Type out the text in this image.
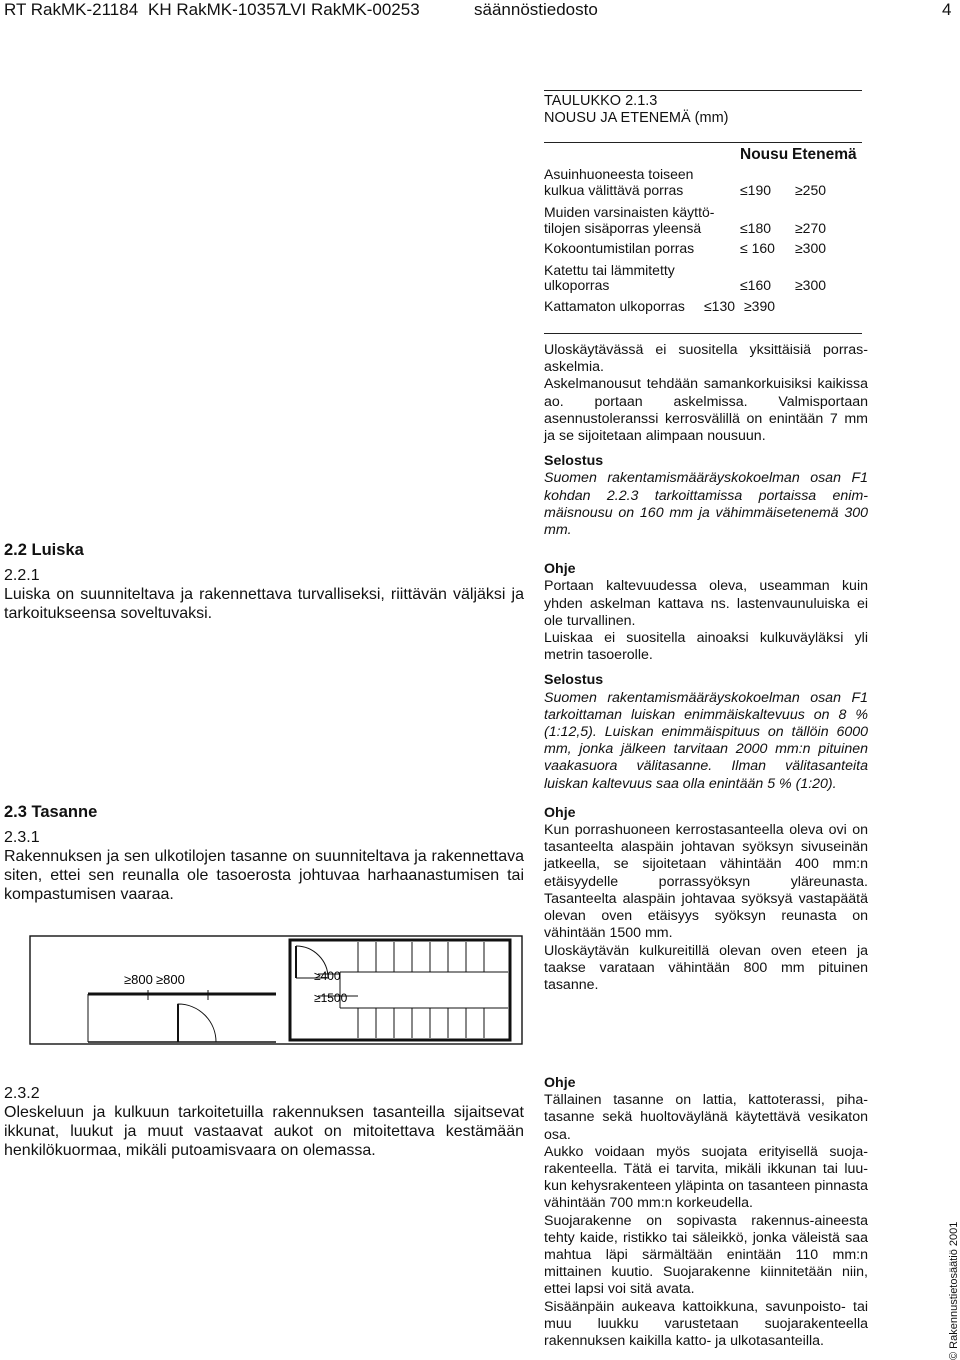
RT RakMK-21184 KH RakMK-10357
LVI RakMK-00253	säännöstiedosto	4
TAULUKKO 2.1.3
NOUSU JA ETENEMÄ (mm)
Nousu Etenemä
Asuinhuoneesta toiseen
kulkua välittävä porras	≤190 ≥250
Muiden varsinaisten käyttö-
tilojen sisäporras yleensä	≤180 ≥270
Kokoontumistilan porras	≤ 160 ≥300
Katettu tai lämmitetty
ulkoporras	≤160 ≥300
Kattamaton ulkoporras ≤130 ≥390

Uloskäytävässä ei suositella yksittäisiä porrasaskelmia.

Askelmanousut tehdään samankorkuisiksi kaikissa ao. portaan askelmissa. Valmisportaan asennustoleranssi kerrosvälillä on enintään 7 mm ja se sijoitetaan alimpaan nousuun.

Selostus

Suomen rakentamismääräyskokoelman osan F1 kohdan 2.2.3 tarkoittamissa portaissa enimmäisnousu on 160 mm ja vähimmäisetenemä 300 mm.

Ohje

Portaan kaltevuudessa oleva, useamman kuin yhden askelman kattava ns. lastenvaunuluiska ei ole turvallinen.

Luiskaa ei suositella ainoaksi kulkuväyläksi yli metrin tasoerolle.

Selostus

Suomen rakentamismääräyskokoelman osan F1 tarkoittaman luiskan enimmäiskaltevuus on 8 % (1:12,5). Luiskan enimmäispituus on tällöin 6000 mm, jonka jälkeen tarvitaan 2000 mm:n pituinen vaakasuora välitasanne. Ilman välitasanteita luiskan kaltevuus saa olla enintään 5 % (1:20).

Ohje

Kun porrashuoneen kerrostasanteella oleva ovi on tasanteelta alaspäin johtavan syöksyn sivuseinän jatkeella, se sijoitetaan vähintään 400 mm:n etäisyydelle porrassyöksyn yläreunasta. Tasanteelta alaspäin johtavaa syöksyä vastapäätä olevan oven etäisyys syöksyn reunasta on vähintään 1500 mm.

Uloskäytävän kulkureitillä olevan oven eteen ja taakse varataan vähintään 800 mm pituinen tasanne.

2.2 Luiska
2.2.1
Luiska on suunniteltava ja rakennettava turvalliseksi, riittävän väljäksi ja tarkoitukseensa soveltuvaksi.
2.3 Tasanne
2.3.1
Rakennuksen ja sen ulkotilojen tasanne on suunniteltava ja rakennettava siten, ettei sen reunalla ole tasoerosta johtuvaa harhaanastumisen tai kompastumisen vaaraa.
≥800 ≥800	≥400
≥1500

Ohje

Tällainen tasanne on lattia, kattoterassi, pihatasanne sekä huoltoväylänä käytettävä vesikaton osa.

Aukko voidaan myös suojata erityisellä suojarakenteella. Tätä ei tarvita, mikäli ikkunan tai luukun kehysrakenteen yläpinta on tasanteen pinnasta vähintään 700 mm:n korkeudella.

Suojarakenne on sopivasta rakennus-aineesta tehty kaide, ristikko tai säleikkö, jonka väleistä saa mahtua läpi särmältään enintään 110 mm:n mittainen kuutio. Suojarakenne kiinnitetään niin, ettei lapsi voi sitä avata.

Sisäänpäin aukeava kattoikkuna, savunpoisto- tai muu luukku varustetaan suojarakenteella rakennuksen kaikilla katto- ja ulkotasanteilla.

2.3.2
Oleskeluun ja kulkuun tarkoitetuilla rakennuksen tasanteilla sijaitsevat ikkunat, luukut ja muut vastaavat aukot on mitoitettava kestämään henkilökuormaa, mikäli putoamisvaara on olemassa.
© Rakennustietosäätiö 2001
